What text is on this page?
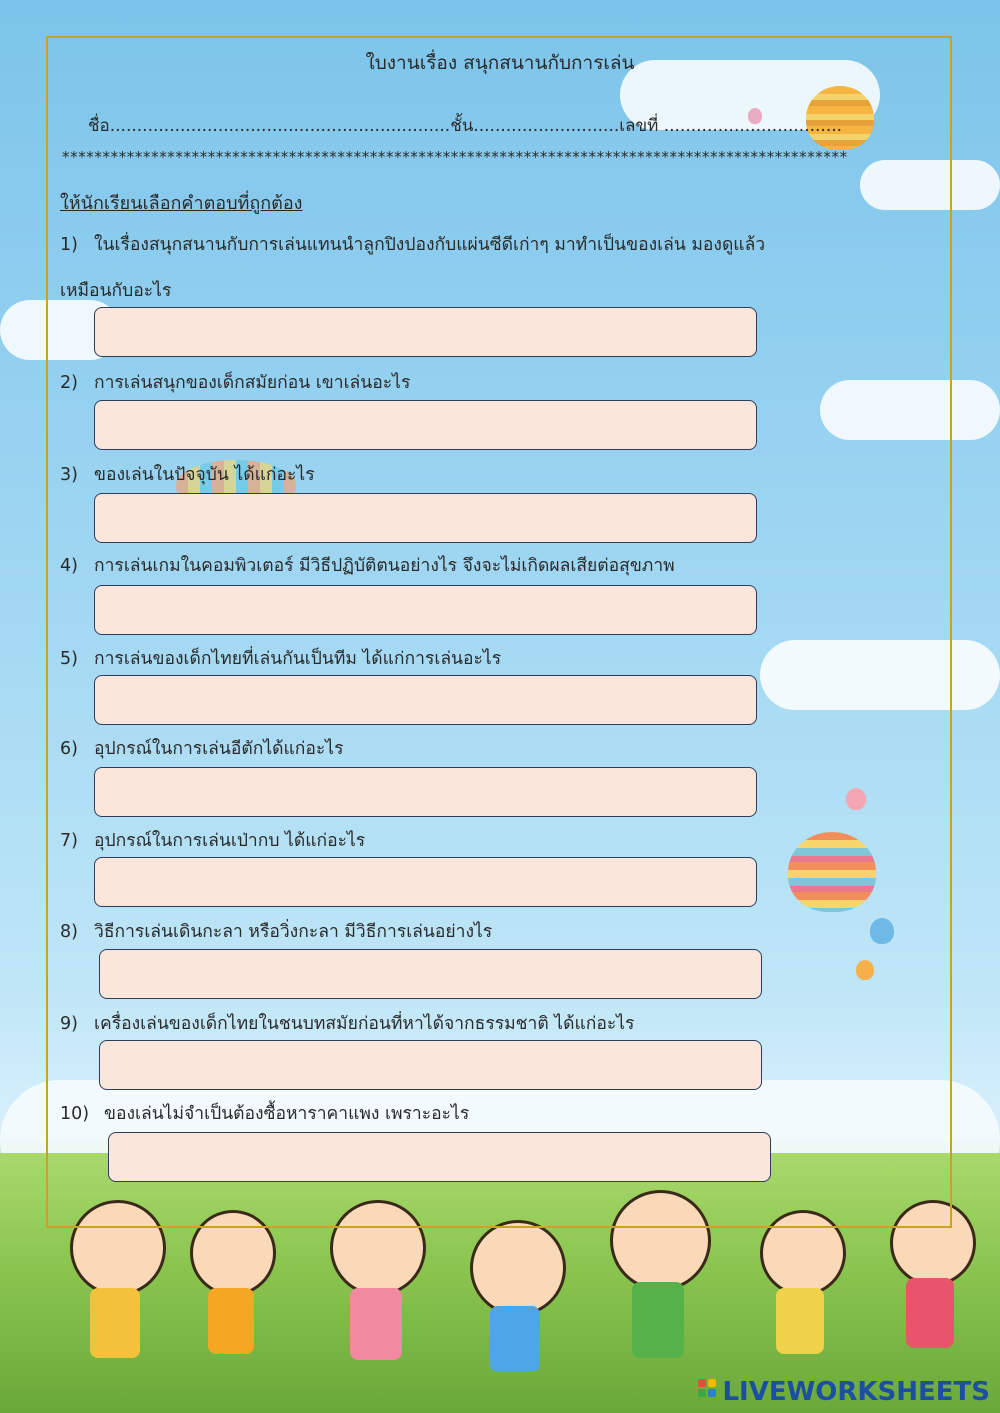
ใบงานเรื่อง สนุกสนานกับการเล่น
ชื่อ...............................................................ชั้น...........................เลขที่ .................................
*************************************************************************************************
ให้นักเรียนเลือกคำตอบที่ถูกต้อง
1) ในเรื่องสนุกสนานกับการเล่นแทนนำลูกปิงปองกับแผ่นซีดีเก่าๆ มาทำเป็นของเล่น มองดูแล้ว
เหมือนกับอะไร
2) การเล่นสนุกของเด็กสมัยก่อน เขาเล่นอะไร
3) ของเล่นในปัจจุบัน ได้แก่อะไร
4) การเล่นเกมในคอมพิวเตอร์ มีวิธีปฏิบัติตนอย่างไร จึงจะไม่เกิดผลเสียต่อสุขภาพ
5) การเล่นของเด็กไทยที่เล่นกันเป็นทีม ได้แก่การเล่นอะไร
6) อุปกรณ์ในการเล่นอีตักได้แก่อะไร
7) อุปกรณ์ในการเล่นเป่ากบ ได้แก่อะไร
8) วิธีการเล่นเดินกะลา หรือวิ่งกะลา มีวิธีการเล่นอย่างไร
9) เครื่องเล่นของเด็กไทยในชนบทสมัยก่อนที่หาได้จากธรรมชาติ ได้แก่อะไร
10) ของเล่นไม่จำเป็นต้องซื้อหาราคาแพง เพราะอะไร
LIVEWORKSHEETS
